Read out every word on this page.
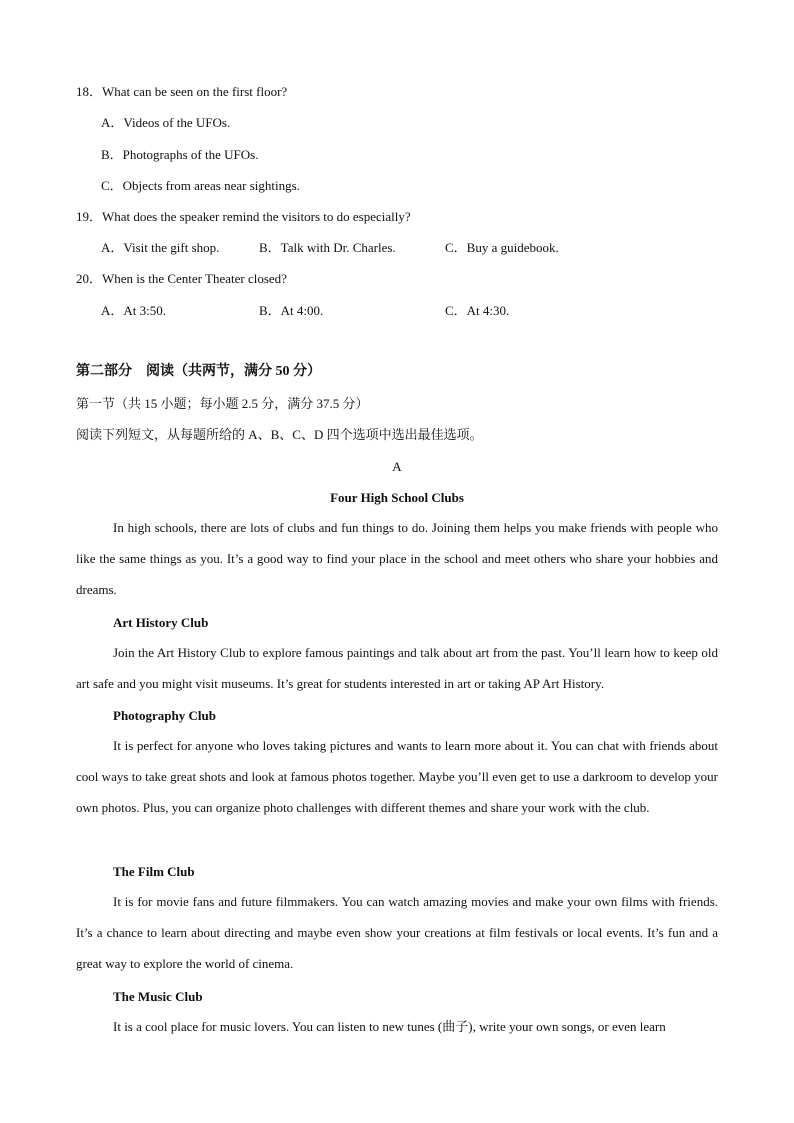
18．What can be seen on the first floor?
A．Videos of the UFOs.
B．Photographs of the UFOs.
C．Objects from areas near sightings.
19．What does the speaker remind the visitors to do especially?
A．Visit the gift shop.	B．Talk with Dr. Charles.	C．Buy a guidebook.
20．When is the Center Theater closed?
A．At 3:50.	B．At 4:00.	C．At 4:30.
第二部分　阅读（共两节，满分 50 分）
第一节（共 15 小题；每小题 2.5 分，满分 37.5 分）
阅读下列短文，从每题所给的 A、B、C、D 四个选项中选出最佳选项。
A
Four High School Clubs
In high schools, there are lots of clubs and fun things to do. Joining them helps you make friends with people who like the same things as you. It’s a good way to find your place in the school and meet others who share your hobbies and dreams.
Art History Club
Join the Art History Club to explore famous paintings and talk about art from the past. You’ll learn how to keep old art safe and you might visit museums. It’s great for students interested in art or taking AP Art History.
Photography Club
It is perfect for anyone who loves taking pictures and wants to learn more about it. You can chat with friends about cool ways to take great shots and look at famous photos together. Maybe you’ll even get to use a darkroom to develop your own photos. Plus, you can organize photo challenges with different themes and share your work with the club.
The Film Club
It is for movie fans and future filmmakers. You can watch amazing movies and make your own films with friends. It’s a chance to learn about directing and maybe even show your creations at film festivals or local events. It’s fun and a great way to explore the world of cinema.
The Music Club
It is a cool place for music lovers. You can listen to new tunes (曲子), write your own songs, or even learn
